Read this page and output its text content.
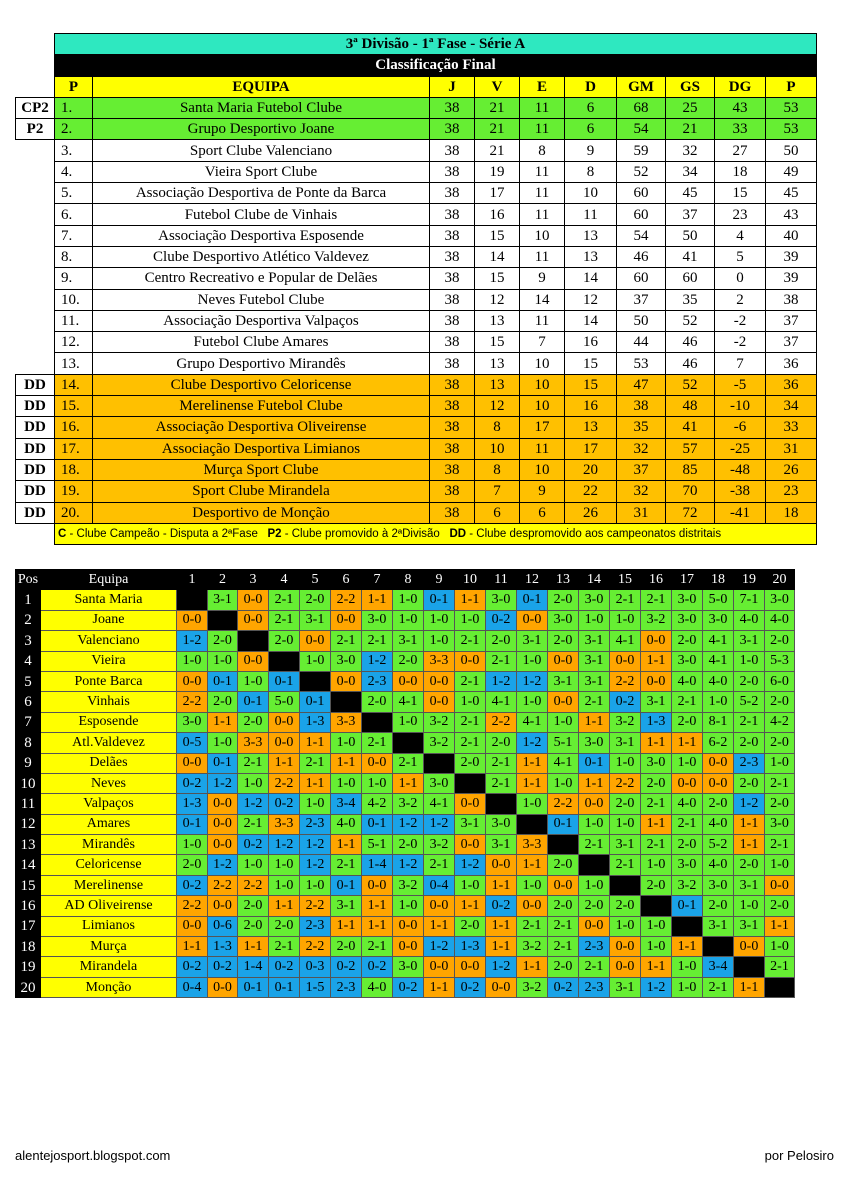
	3ª Divisão - 1ª Fase - Série A									
	Classificação Final									
	P	EQUIPA	J	V	E	D	GM	GS	DG	P
CP2	1.	Santa Maria Futebol Clube	38	21	11	6	68	25	43	53
P2	2.	Grupo Desportivo Joane	38	21	11	6	54	21	33	53
	3.	Sport Clube Valenciano	38	21	8	9	59	32	27	50
	4.	Vieira Sport Clube	38	19	11	8	52	34	18	49
	5.	Associação Desportiva de Ponte da Barca	38	17	11	10	60	45	15	45
	6.	Futebol Clube de Vinhais	38	16	11	11	60	37	23	43
	7.	Associação Desportiva Esposende	38	15	10	13	54	50	4	40
	8.	Clube Desportivo Atlético Valdevez	38	14	11	13	46	41	5	39
	9.	Centro Recreativo e Popular de Delães	38	15	9	14	60	60	0	39
	10.	Neves Futebol Clube	38	12	14	12	37	35	2	38
	11.	Associação Desportiva Valpaços	38	13	11	14	50	52	-2	37
	12.	Futebol Clube Amares	38	15	7	16	44	46	-2	37
	13.	Grupo Desportivo Mirandês	38	13	10	15	53	46	7	36
DD	14.	Clube Desportivo Celoricense	38	13	10	15	47	52	-5	36
DD	15.	Merelinense Futebol Clube	38	12	10	16	38	48	-10	34
DD	16.	Associação Desportiva Oliveirense	38	8	17	13	35	41	-6	33
DD	17.	Associação Desportiva Limianos	38	10	11	17	32	57	-25	31
DD	18.	Murça Sport Clube	38	8	10	20	37	85	-48	26
DD	19.	Sport Clube Mirandela	38	7	9	22	32	70	-38	23
DD	20.	Desportivo de Monção	38	6	6	26	31	72	-41	18
	C - Clube Campeão - Disputa a 2ªFase P2 - Clube promovido à 2ªDivisão DD - Clube despromovido aos campeonatos distritais									
Pos	Equipa	1	2	3	4	5	6	7	8	9	10	11	12	13	14	15	16	17	18	19	20
1	Santa Maria		3-1	0-0	2-1	2-0	2-2	1-1	1-0	0-1	1-1	3-0	0-1	2-0	3-0	2-1	2-1	3-0	5-0	7-1	3-0
2	Joane	0-0		0-0	2-1	3-1	0-0	3-0	1-0	1-0	1-0	0-2	0-0	3-0	1-0	1-0	3-2	3-0	3-0	4-0	4-0
3	Valenciano	1-2	2-0		2-0	0-0	2-1	2-1	3-1	1-0	2-1	2-0	3-1	2-0	3-1	4-1	0-0	2-0	4-1	3-1	2-0
4	Vieira	1-0	1-0	0-0		1-0	3-0	1-2	2-0	3-3	0-0	2-1	1-0	0-0	3-1	0-0	1-1	3-0	4-1	1-0	5-3
5	Ponte Barca	0-0	0-1	1-0	0-1		0-0	2-3	0-0	0-0	2-1	1-2	1-2	3-1	3-1	2-2	0-0	4-0	4-0	2-0	6-0
6	Vinhais	2-2	2-0	0-1	5-0	0-1		2-0	4-1	0-0	1-0	4-1	1-0	0-0	2-1	0-2	3-1	2-1	1-0	5-2	2-0
7	Esposende	3-0	1-1	2-0	0-0	1-3	3-3		1-0	3-2	2-1	2-2	4-1	1-0	1-1	3-2	1-3	2-0	8-1	2-1	4-2
8	Atl.Valdevez	0-5	1-0	3-3	0-0	1-1	1-0	2-1		3-2	2-1	2-0	1-2	5-1	3-0	3-1	1-1	1-1	6-2	2-0	2-0
9	Delães	0-0	0-1	2-1	1-1	2-1	1-1	0-0	2-1		2-0	2-1	1-1	4-1	0-1	1-0	3-0	1-0	0-0	2-3	1-0
10	Neves	0-2	1-2	1-0	2-2	1-1	1-0	1-0	1-1	3-0		2-1	1-1	1-0	1-1	2-2	2-0	0-0	0-0	2-0	2-1
11	Valpaços	1-3	0-0	1-2	0-2	1-0	3-4	4-2	3-2	4-1	0-0		1-0	2-2	0-0	2-0	2-1	4-0	2-0	1-2	2-0
12	Amares	0-1	0-0	2-1	3-3	2-3	4-0	0-1	1-2	1-2	3-1	3-0		0-1	1-0	1-0	1-1	2-1	4-0	1-1	3-0
13	Mirandês	1-0	0-0	0-2	1-2	1-2	1-1	5-1	2-0	3-2	0-0	3-1	3-3		2-1	3-1	2-1	2-0	5-2	1-1	2-1
14	Celoricense	2-0	1-2	1-0	1-0	1-2	2-1	1-4	1-2	2-1	1-2	0-0	1-1	2-0		2-1	1-0	3-0	4-0	2-0	1-0
15	Merelinense	0-2	2-2	2-2	1-0	1-0	0-1	0-0	3-2	0-4	1-0	1-1	1-0	0-0	1-0		2-0	3-2	3-0	3-1	0-0
16	AD Oliveirense	2-2	0-0	2-0	1-1	2-2	3-1	1-1	1-0	0-0	1-1	0-2	0-0	2-0	2-0	2-0		0-1	2-0	1-0	2-0
17	Limianos	0-0	0-6	2-0	2-0	2-3	1-1	1-1	0-0	1-1	2-0	1-1	2-1	2-1	0-0	1-0	1-0		3-1	3-1	1-1
18	Murça	1-1	1-3	1-1	2-1	2-2	2-0	2-1	0-0	1-2	1-3	1-1	3-2	2-1	2-3	0-0	1-0	1-1		0-0	1-0
19	Mirandela	0-2	0-2	1-4	0-2	0-3	0-2	0-2	3-0	0-0	0-0	1-2	1-1	2-0	2-1	0-0	1-1	1-0	3-4		2-1
20	Monção	0-4	0-0	0-1	0-1	1-5	2-3	4-0	0-2	1-1	0-2	0-0	3-2	0-2	2-3	3-1	1-2	1-0	2-1	1-1	
alentejosport.blogspot.com	por Pelosiro
